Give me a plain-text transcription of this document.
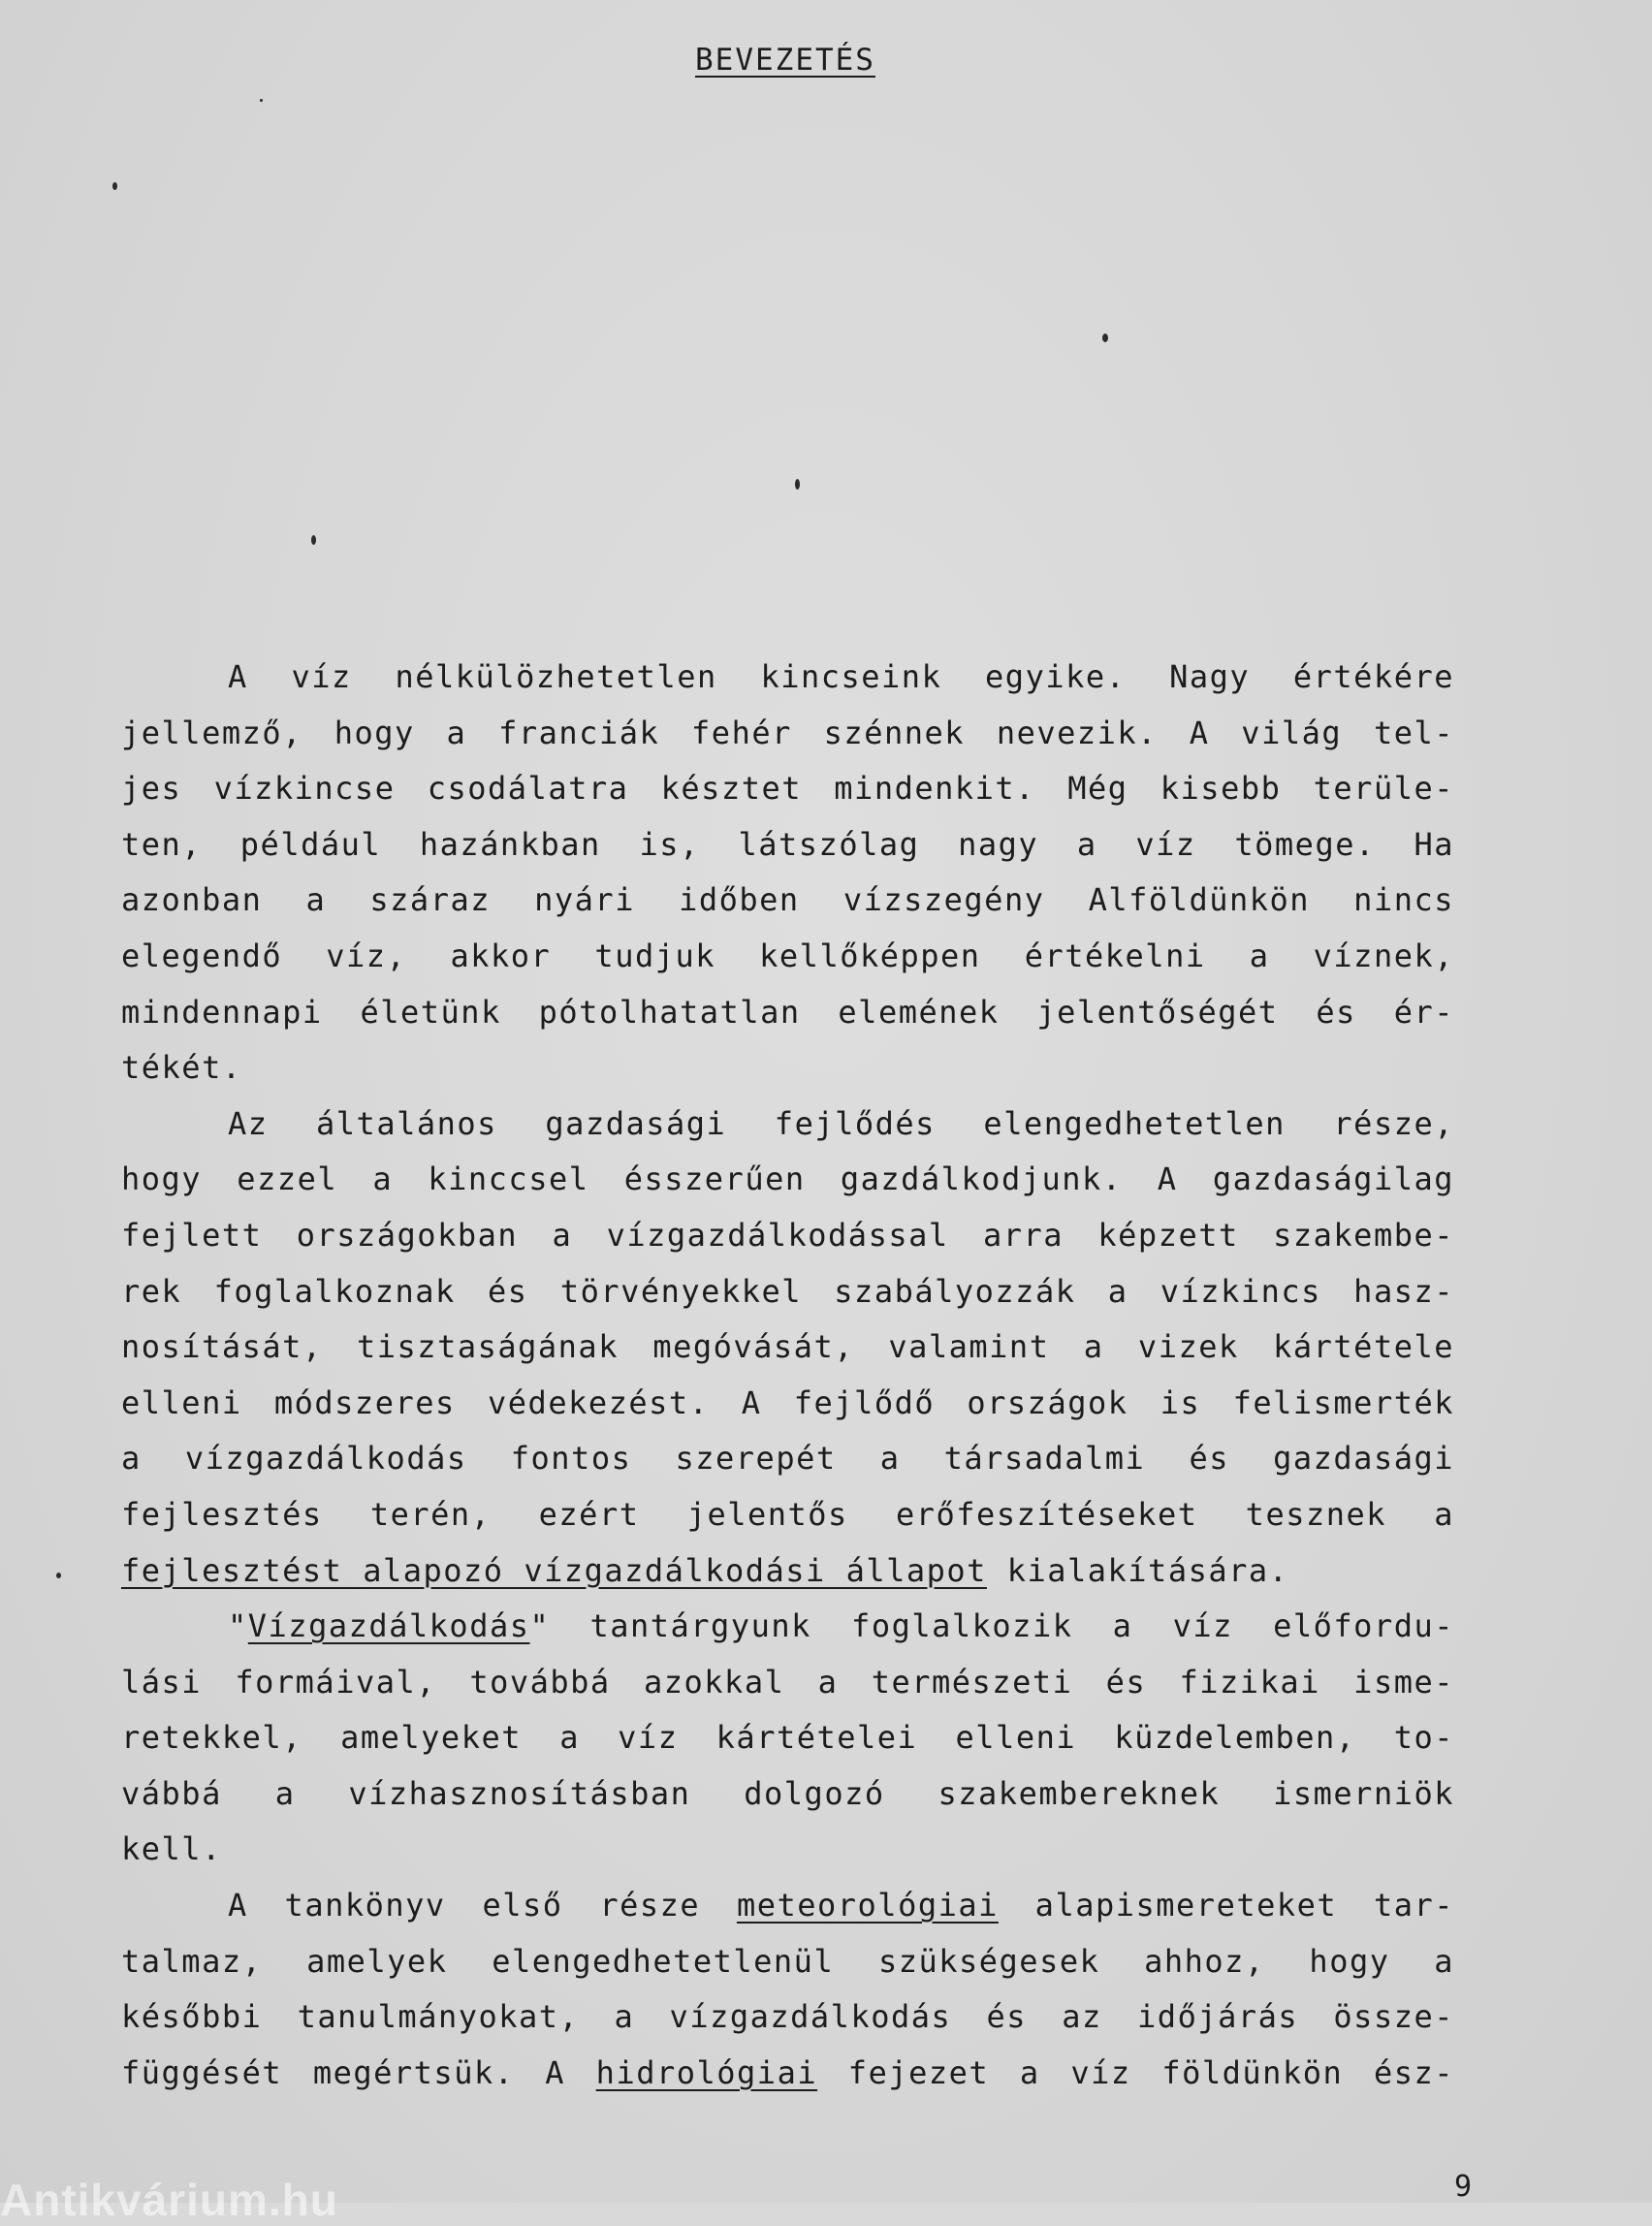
BEVEZETÉS
A víz nélkülözhetetlen kincseink egyike. Nagy értékére
jellemző, hogy a franciák fehér szénnek nevezik. A világ tel-
jes vízkincse csodálatra késztet mindenkit. Még kisebb terüle-
ten, például hazánkban is, látszólag nagy a víz tömege. Ha
azonban a száraz nyári időben vízszegény Alföldünkön nincs
elegendő víz, akkor tudjuk kellőképpen értékelni a víznek,
mindennapi életünk pótolhatatlan elemének jelentőségét és ér-
tékét.
Az általános gazdasági fejlődés elengedhetetlen része,
hogy ezzel a kinccsel ésszerűen gazdálkodjunk. A gazdaságilag
fejlett országokban a vízgazdálkodással arra képzett szakembe-
rek foglalkoznak és törvényekkel szabályozzák a vízkincs hasz-
nosítását, tisztaságának megóvását, valamint a vizek kártétele
elleni módszeres védekezést. A fejlődő országok is felismerték
a vízgazdálkodás fontos szerepét a társadalmi és gazdasági
fejlesztés terén, ezért jelentős erőfeszítéseket tesznek a
fejlesztést alapozó vízgazdálkodási állapot kialakítására.
"Vízgazdálkodás" tantárgyunk foglalkozik a víz előfordu-
lási formáival, továbbá azokkal a természeti és fizikai isme-
retekkel, amelyeket a víz kártételei elleni küzdelemben, to-
vábbá a vízhasznosításban dolgozó szakembereknek ismerniök
kell.
A tankönyv első része meteorológiai alapismereteket tar-
talmaz, amelyek elengedhetetlenül szükségesek ahhoz, hogy a
későbbi tanulmányokat, a vízgazdálkodás és az időjárás össze-
függését megértsük. A hidrológiai fejezet a víz földünkön ész-
Antikvárium.hu	9
